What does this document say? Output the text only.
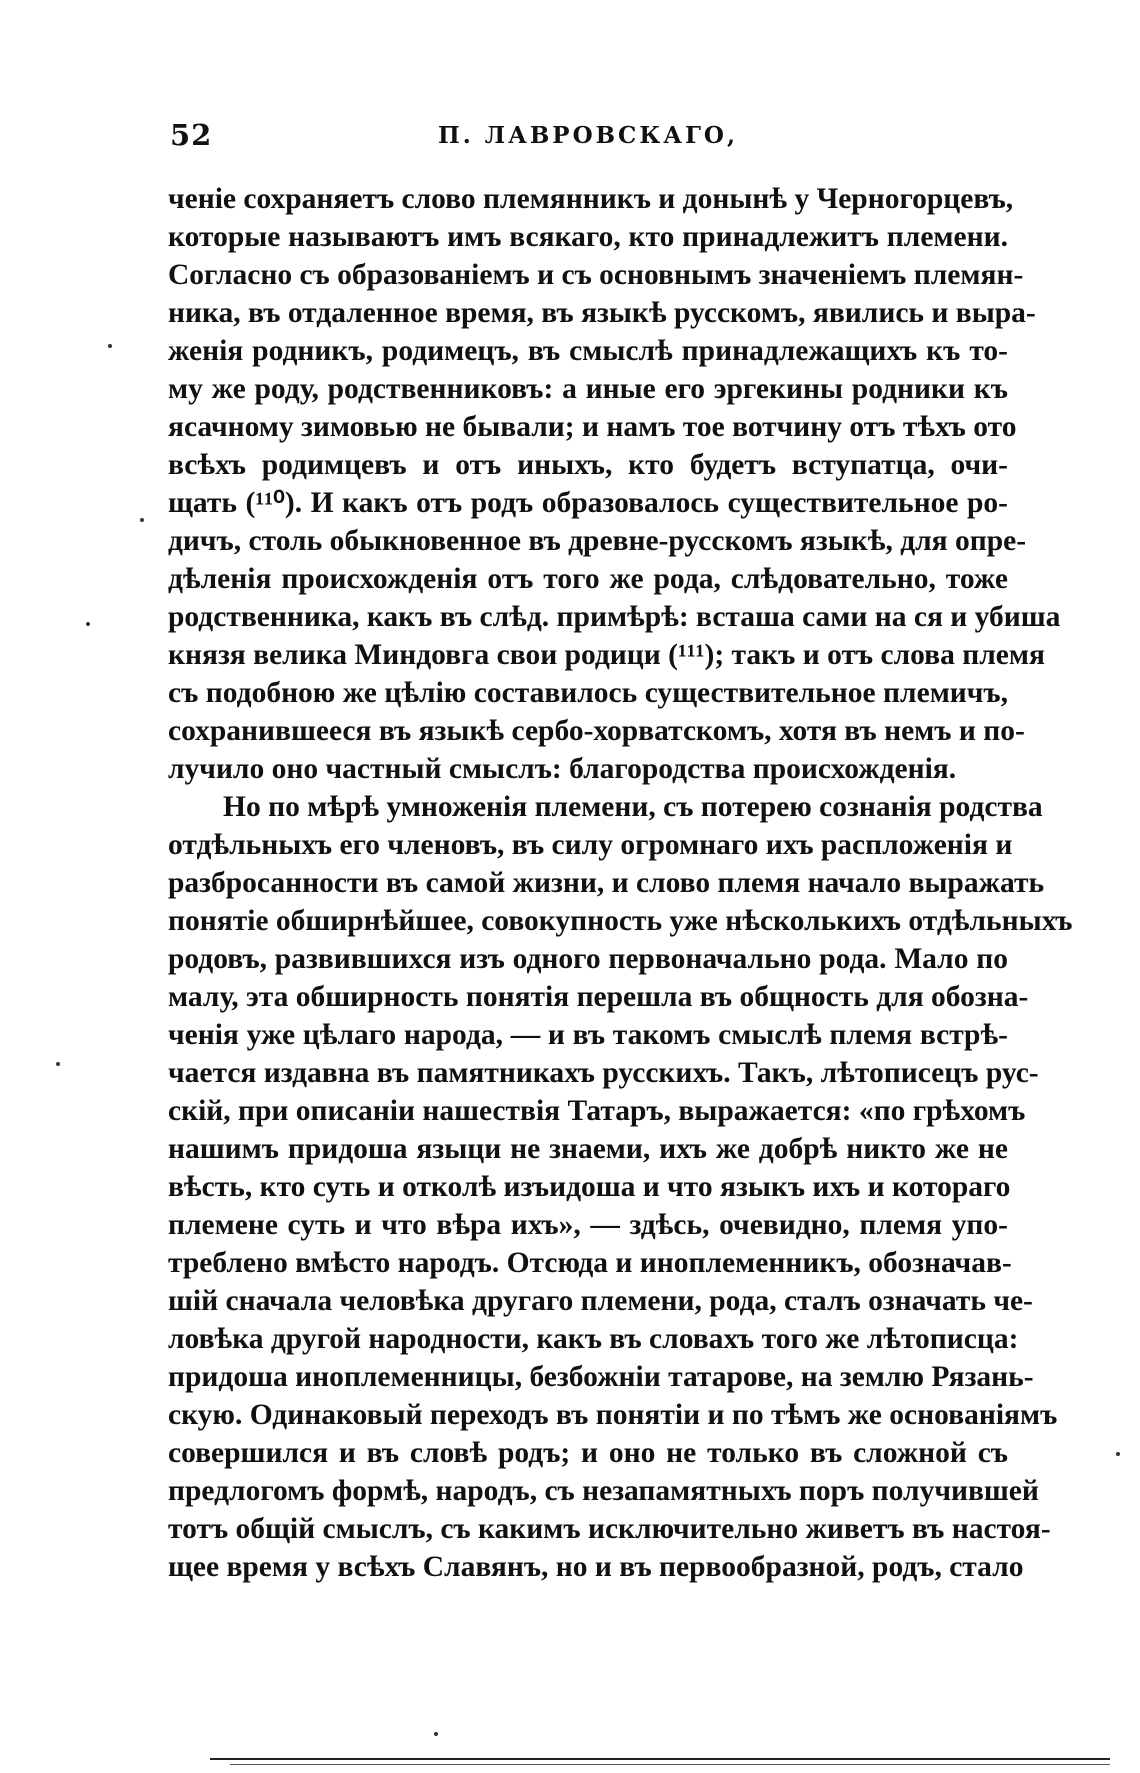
52	П. ЛАВРОВСКАГО,
ченіе сохраняетъ слово племянникъ и донынѣ у Черногорцевъ,
которые называютъ имъ всякаго, кто принадлежитъ племени.
Согласно съ образованіемъ и съ основнымъ значеніемъ племян-
ника, въ отдаленное время, въ языкѣ русскомъ, явились и выра-
женія родникъ, родимецъ, въ смыслѣ принадлежащихъ къ то-
му же роду, родственниковъ: а иные его эргекины родники къ
ясачному зимовью не бывали; и намъ тое вотчину отъ тѣхъ ото
всѣхъ родимцевъ и отъ иныхъ, кто будетъ вступатца, очи-
щать (¹¹⁰). И какъ отъ родъ образовалось существительное ро-
дичъ, столь обыкновенное въ древне-русскомъ языкѣ, для опре-
дѣленія происхожденія отъ того же рода, слѣдовательно, тоже
родственника, какъ въ слѣд. примѣрѣ: всташа сами на ся и убиша
князя велика Миндовга свои родици (¹¹¹); такъ и отъ слова племя
съ подобною же цѣлію составилось существительное племичъ,
сохранившееся въ языкѣ сербо-хорватскомъ, хотя въ немъ и по-
лучило оно частный смыслъ: благородства происхожденія.
Но по мѣрѣ умноженія племени, съ потерею сознанія родства
отдѣльныхъ его членовъ, въ силу огромнаго ихъ распложенія и
разбросанности въ самой жизни, и слово племя начало выражать
понятіе обширнѣйшее, совокупность уже нѣсколькихъ отдѣльныхъ
родовъ, развившихся изъ одного первоначально рода. Мало по
малу, эта обширность понятія перешла въ общность для обозна-
ченія уже цѣлаго народа, — и въ такомъ смыслѣ племя встрѣ-
чается издавна въ памятникахъ русскихъ. Такъ, лѣтописецъ рус-
скій, при описаніи нашествія Татаръ, выражается: «по грѣхомъ
нашимъ придоша языци не знаеми, ихъ же добрѣ никто же не
вѣсть, кто суть и отколѣ изъидоша и что языкъ ихъ и котораго
племене суть и что вѣра ихъ», — здѣсь, очевидно, племя упо-
треблено вмѣсто народъ. Отсюда и иноплеменникъ, обозначав-
шій сначала человѣка другаго племени, рода, сталъ означать че-
ловѣка другой народности, какъ въ словахъ того же лѣтописца:
придоша иноплеменницы, безбожніи татарове, на землю Рязань-
скую. Одинаковый переходъ въ понятіи и по тѣмъ же основаніямъ
совершился и въ словѣ родъ; и оно не только въ сложной съ
предлогомъ формѣ, народъ, съ незапамятныхъ поръ получившей
тотъ общій смыслъ, съ какимъ исключительно живетъ въ настоя-
щее время у всѣхъ Славянъ, но и въ первообразной, родъ, стало
